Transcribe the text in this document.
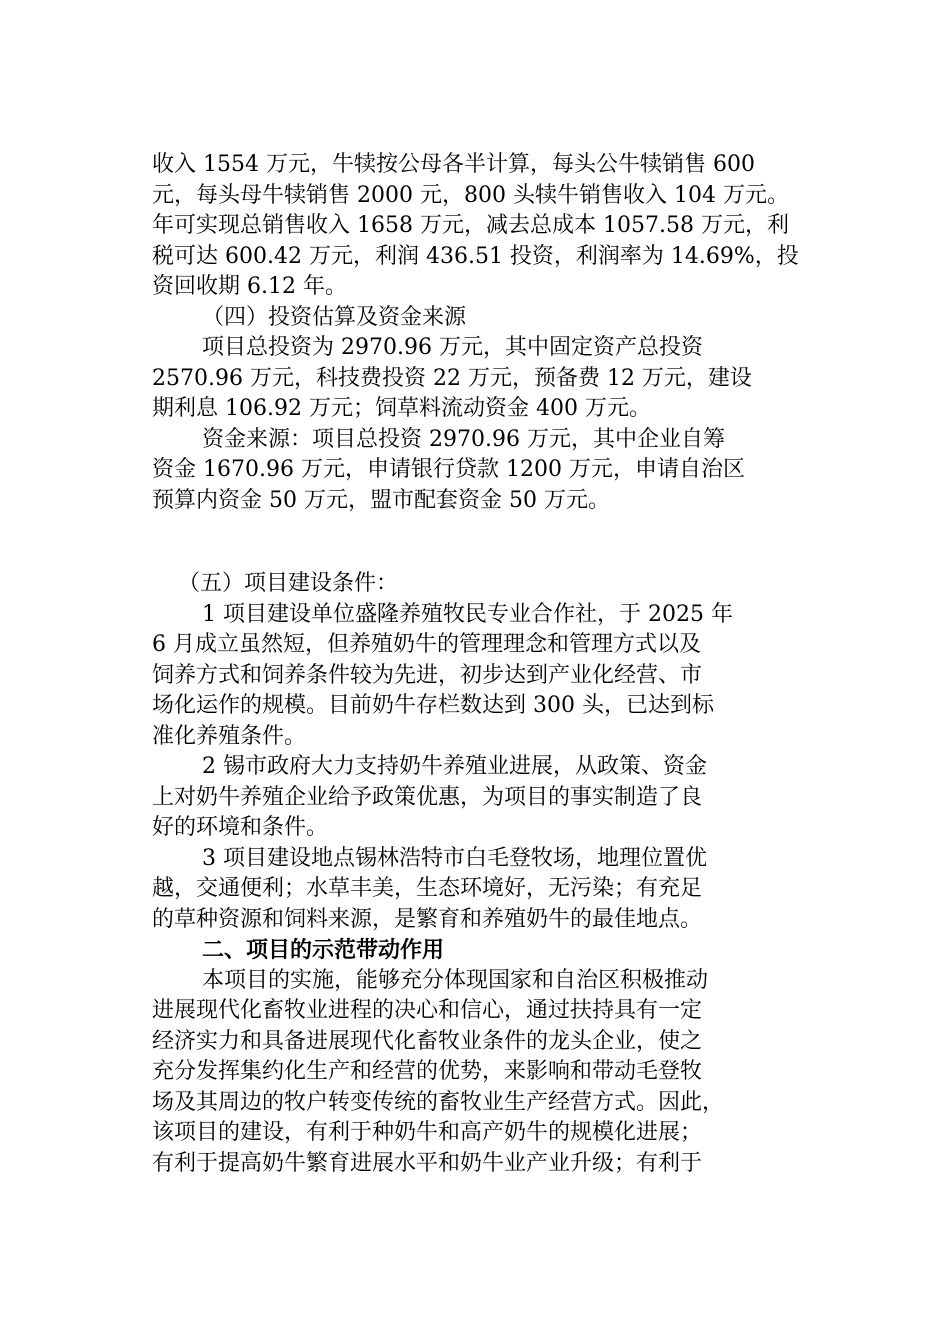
收入 1554 万元，牛犊按公母各半计算，每头公牛犊销售 600
元，每头母牛犊销售 2000 元，800 头犊牛销售收入 104 万元。
年可实现总销售收入 1658 万元，减去总成本 1057.58 万元，利
税可达 600.42 万元，利润 436.51 投资，利润率为 14.69%，投
资回收期 6.12 年。
（四）投资估算及资金来源
项目总投资为 2970.96 万元，其中固定资产总投资
2570.96 万元，科技费投资 22 万元，预备费 12 万元，建设
期利息 106.92 万元；饲草料流动资金 400 万元。
资金来源：项目总投资 2970.96 万元，其中企业自筹
资金 1670.96 万元，申请银行贷款 1200 万元，申请自治区
预算内资金 50 万元，盟市配套资金 50 万元。
（五）项目建设条件：
1 项目建设单位盛隆养殖牧民专业合作社，于 2025 年
6 月成立虽然短，但养殖奶牛的管理理念和管理方式以及
饲养方式和饲养条件较为先进，初步达到产业化经营、市
场化运作的规模。目前奶牛存栏数达到 300 头，已达到标
准化养殖条件。
2 锡市政府大力支持奶牛养殖业进展，从政策、资金
上对奶牛养殖企业给予政策优惠，为项目的事实制造了良
好的环境和条件。
3 项目建设地点锡林浩特市白毛登牧场，地理位置优
越，交通便利；水草丰美，生态环境好，无污染；有充足
的草种资源和饲料来源，是繁育和养殖奶牛的最佳地点。
二、项目的示范带动作用
本项目的实施，能够充分体现国家和自治区积极推动
进展现代化畜牧业进程的决心和信心，通过扶持具有一定
经济实力和具备进展现代化畜牧业条件的龙头企业，使之
充分发挥集约化生产和经营的优势，来影响和带动毛登牧
场及其周边的牧户转变传统的畜牧业生产经营方式。因此，
该项目的建设，有利于种奶牛和高产奶牛的规模化进展；
有利于提高奶牛繁育进展水平和奶牛业产业升级；有利于
